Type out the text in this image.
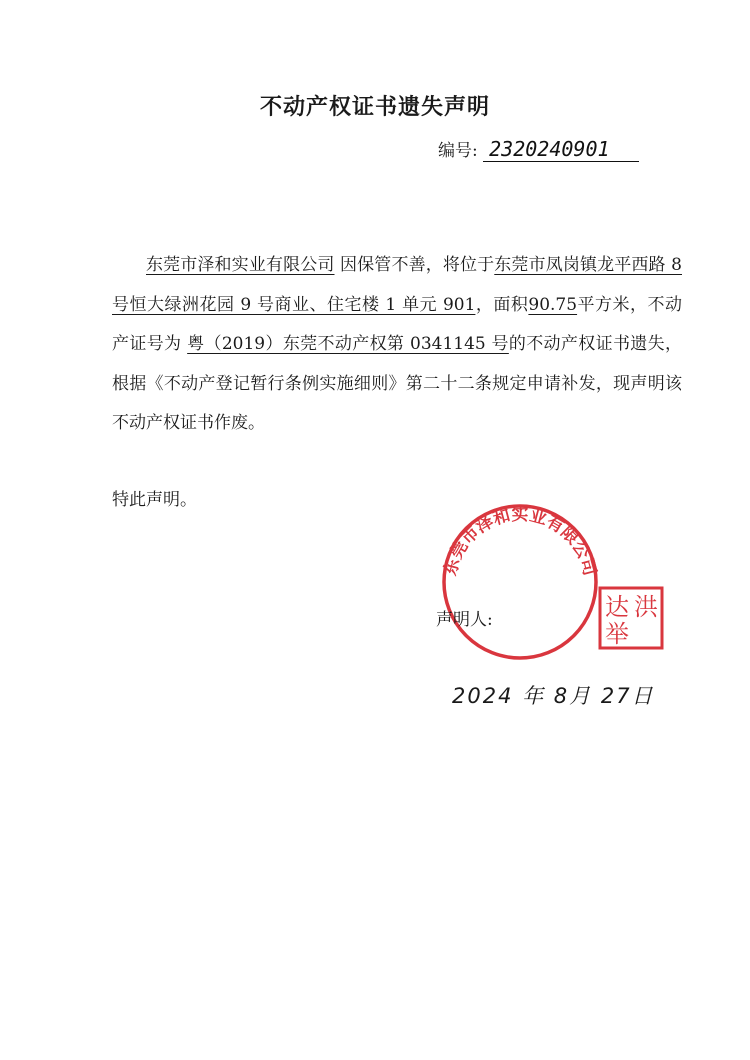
不动产权证书遗失声明
编号: 2320240901

东莞市泽和实业有限公司 因保管不善，将位于东莞市凤岗镇龙平西路 8 号恒大绿洲花园 9 号商业、住宅楼 1 单元 901，面积90.75平方米，不动产证号为 粤（2019）东莞不动产权第 0341145 号的不动产权证书遗失，根据《不动产登记暂行条例实施细则》第二十二条规定申请补发，现声明该不动产权证书作废。

特此声明。

东莞市泽和实业有限公司
声明人:	洪
达
举
2024 年 8月 27日
